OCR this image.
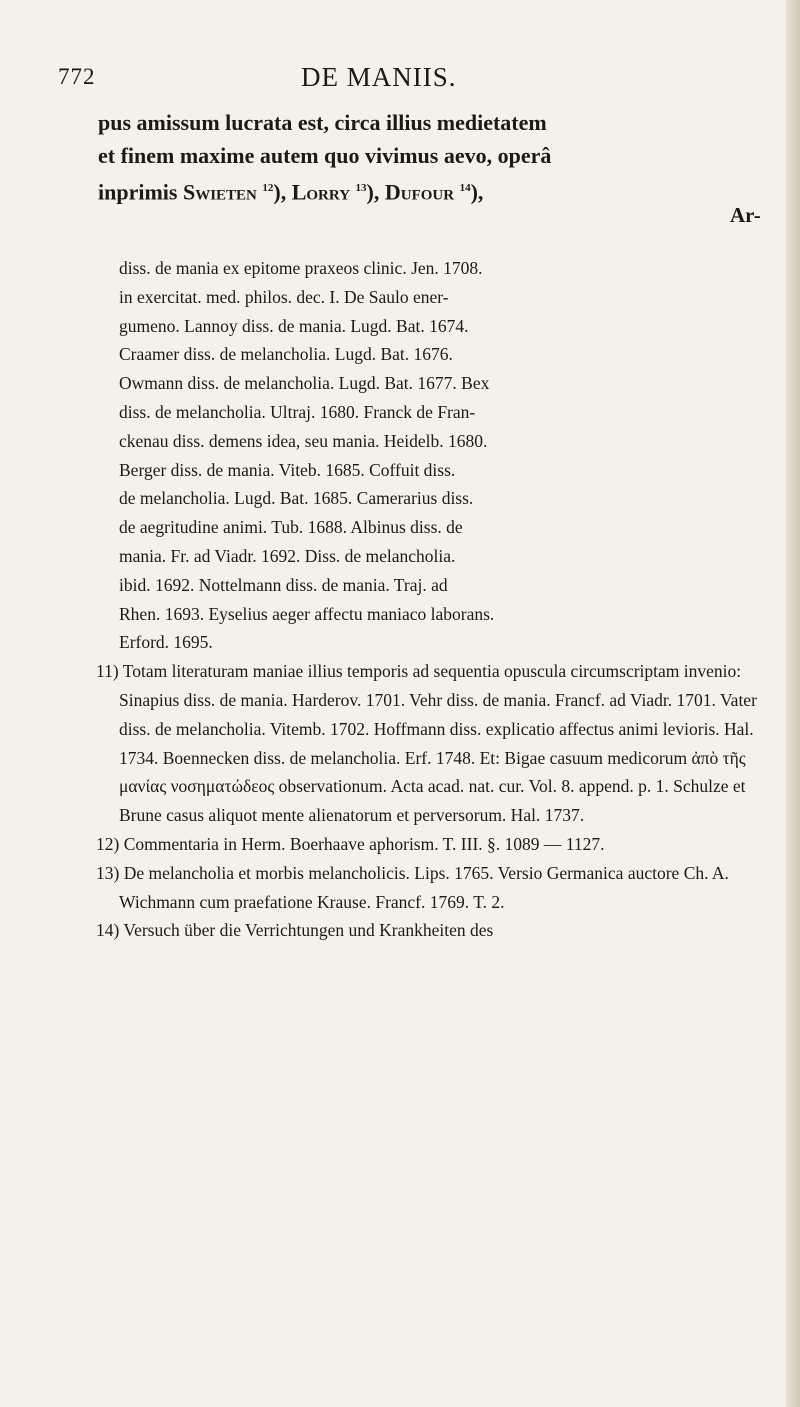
772	DE MANIIS.

pus amissum lucrata est, circa illius medietatem

et finem maxime autem quo vivimus aevo, operâ

inprimis Swieten $^{12}$), Lorry $^{13}$), Dufour $^{14}$),

Ar-

diss. de mania ex epitome praxeos clinic. Jen. 1708.

in exercitat. med. philos. dec. I. De Saulo ener-

gumeno. Lannoy diss. de mania. Lugd. Bat. 1674.

Craamer diss. de melancholia. Lugd. Bat. 1676.

Owmann diss. de melancholia. Lugd. Bat. 1677. Bex

diss. de melancholia. Ultraj. 1680. Franck de Fran-

ckenau diss. demens idea, seu mania. Heidelb. 1680.

Berger diss. de mania. Viteb. 1685. Coffuit diss.

de melancholia. Lugd. Bat. 1685. Camerarius diss.

de aegritudine animi. Tub. 1688. Albinus diss. de

mania. Fr. ad Viadr. 1692. Diss. de melancholia.

ibid. 1692. Nottelmann diss. de mania. Traj. ad

Rhen. 1693. Eyselius aeger affectu maniaco laborans.

Erford. 1695.

11) Totam literaturam maniae illius temporis ad sequentia opuscula circumscriptam invenio: Sinapius diss. de mania. Harderov. 1701. Vehr diss. de mania. Francf. ad Viadr. 1701. Vater diss. de melancholia. Vitemb. 1702. Hoffmann diss. explicatio affectus animi levioris. Hal. 1734. Boennecken diss. de melancholia. Erf. 1748. Et: Bigae casuum medicorum ἀπὸ τῆς μανίας νοσηματώδεος observationum. Acta acad. nat. cur. Vol. 8. append. p. 1. Schulze et Brune casus aliquot mente alienatorum et perversorum. Hal. 1737.

12) Commentaria in Herm. Boerhaave aphorism. T. III. §. 1089 — 1127.

13) De melancholia et morbis melancholicis. Lips. 1765. Versio Germanica auctore Ch. A. Wichmann cum praefatione Krause. Francf. 1769. T. 2.

14) Versuch über die Verrichtungen und Krankheiten des
